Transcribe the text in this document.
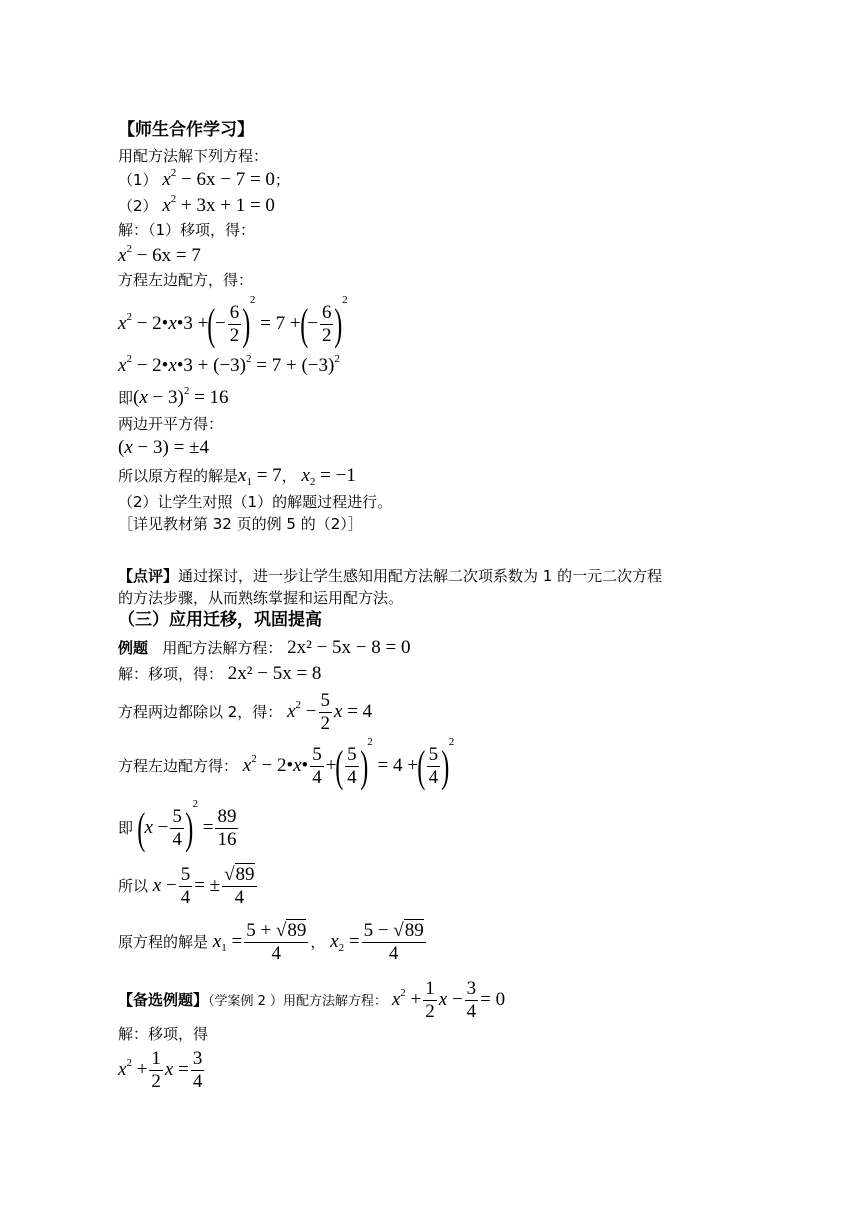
【师生合作学习】
用配方法解下列方程：
（1） $x^2 - 6x - 7 = 0$；
（2） $x^2 + 3x + 1 = 0$
解：（1）移项，得：
$x^2 - 6x = 7$
方程左边配方，得：
$x^2$ − 2•x•3 +(− $\frac{6}{2} )^2 = 7$ +(− $\frac{6}{2} )^2$
$x^2$ − 2•x•3 + $(-3)^2 = 7 + (-3)^2$
即$(x - 3)^2 = 16$
两边开平方得：
(x − 3) = ±4
所以原方程的解是$x_1 = 7$， $x_2 = -1$
（2）让学生对照（1）的解题过程进行。
［详见教材第 32 页的例 5 的（2）］
【点评】通过探讨，进一步让学生感知用配方法解二次项系数为 1 的一元二次方程
的方法步骤，从而熟练掌握和运用配方法。
（三）应用迁移，巩固提高
例题 用配方法解方程： 2x² − 5x − 8 = 0
解：移项，得： 2x² − 5x = 8
方程两边都除以 2，得： $x^2 - \frac{5}{2}$ x = 4
方程左边配方得： $x^2$ − 2•x• $\frac{5}{4}$ +( $\frac{5}{4} )^2 = 4$ +( $\frac{5}{4} )^2$
即 $(x - \frac{5}{4} )^2 = \frac{89}{16}$
所以 $x - \frac{5}{4}$ = ± $\frac{√89}{4}$
原方程的解是 $x_1 = \frac{5 + √89}{4}$ ， $x_2 = \frac{5 - √89}{4}$
【备选例题】（学案例 2 ）用配方法解方程： $x^2 + \frac{1}{2}$ $x - \frac{3}{4} = 0$
解：移项，得
$x^2 + \frac{1}{2}$ $x = \frac{3}{4}$
